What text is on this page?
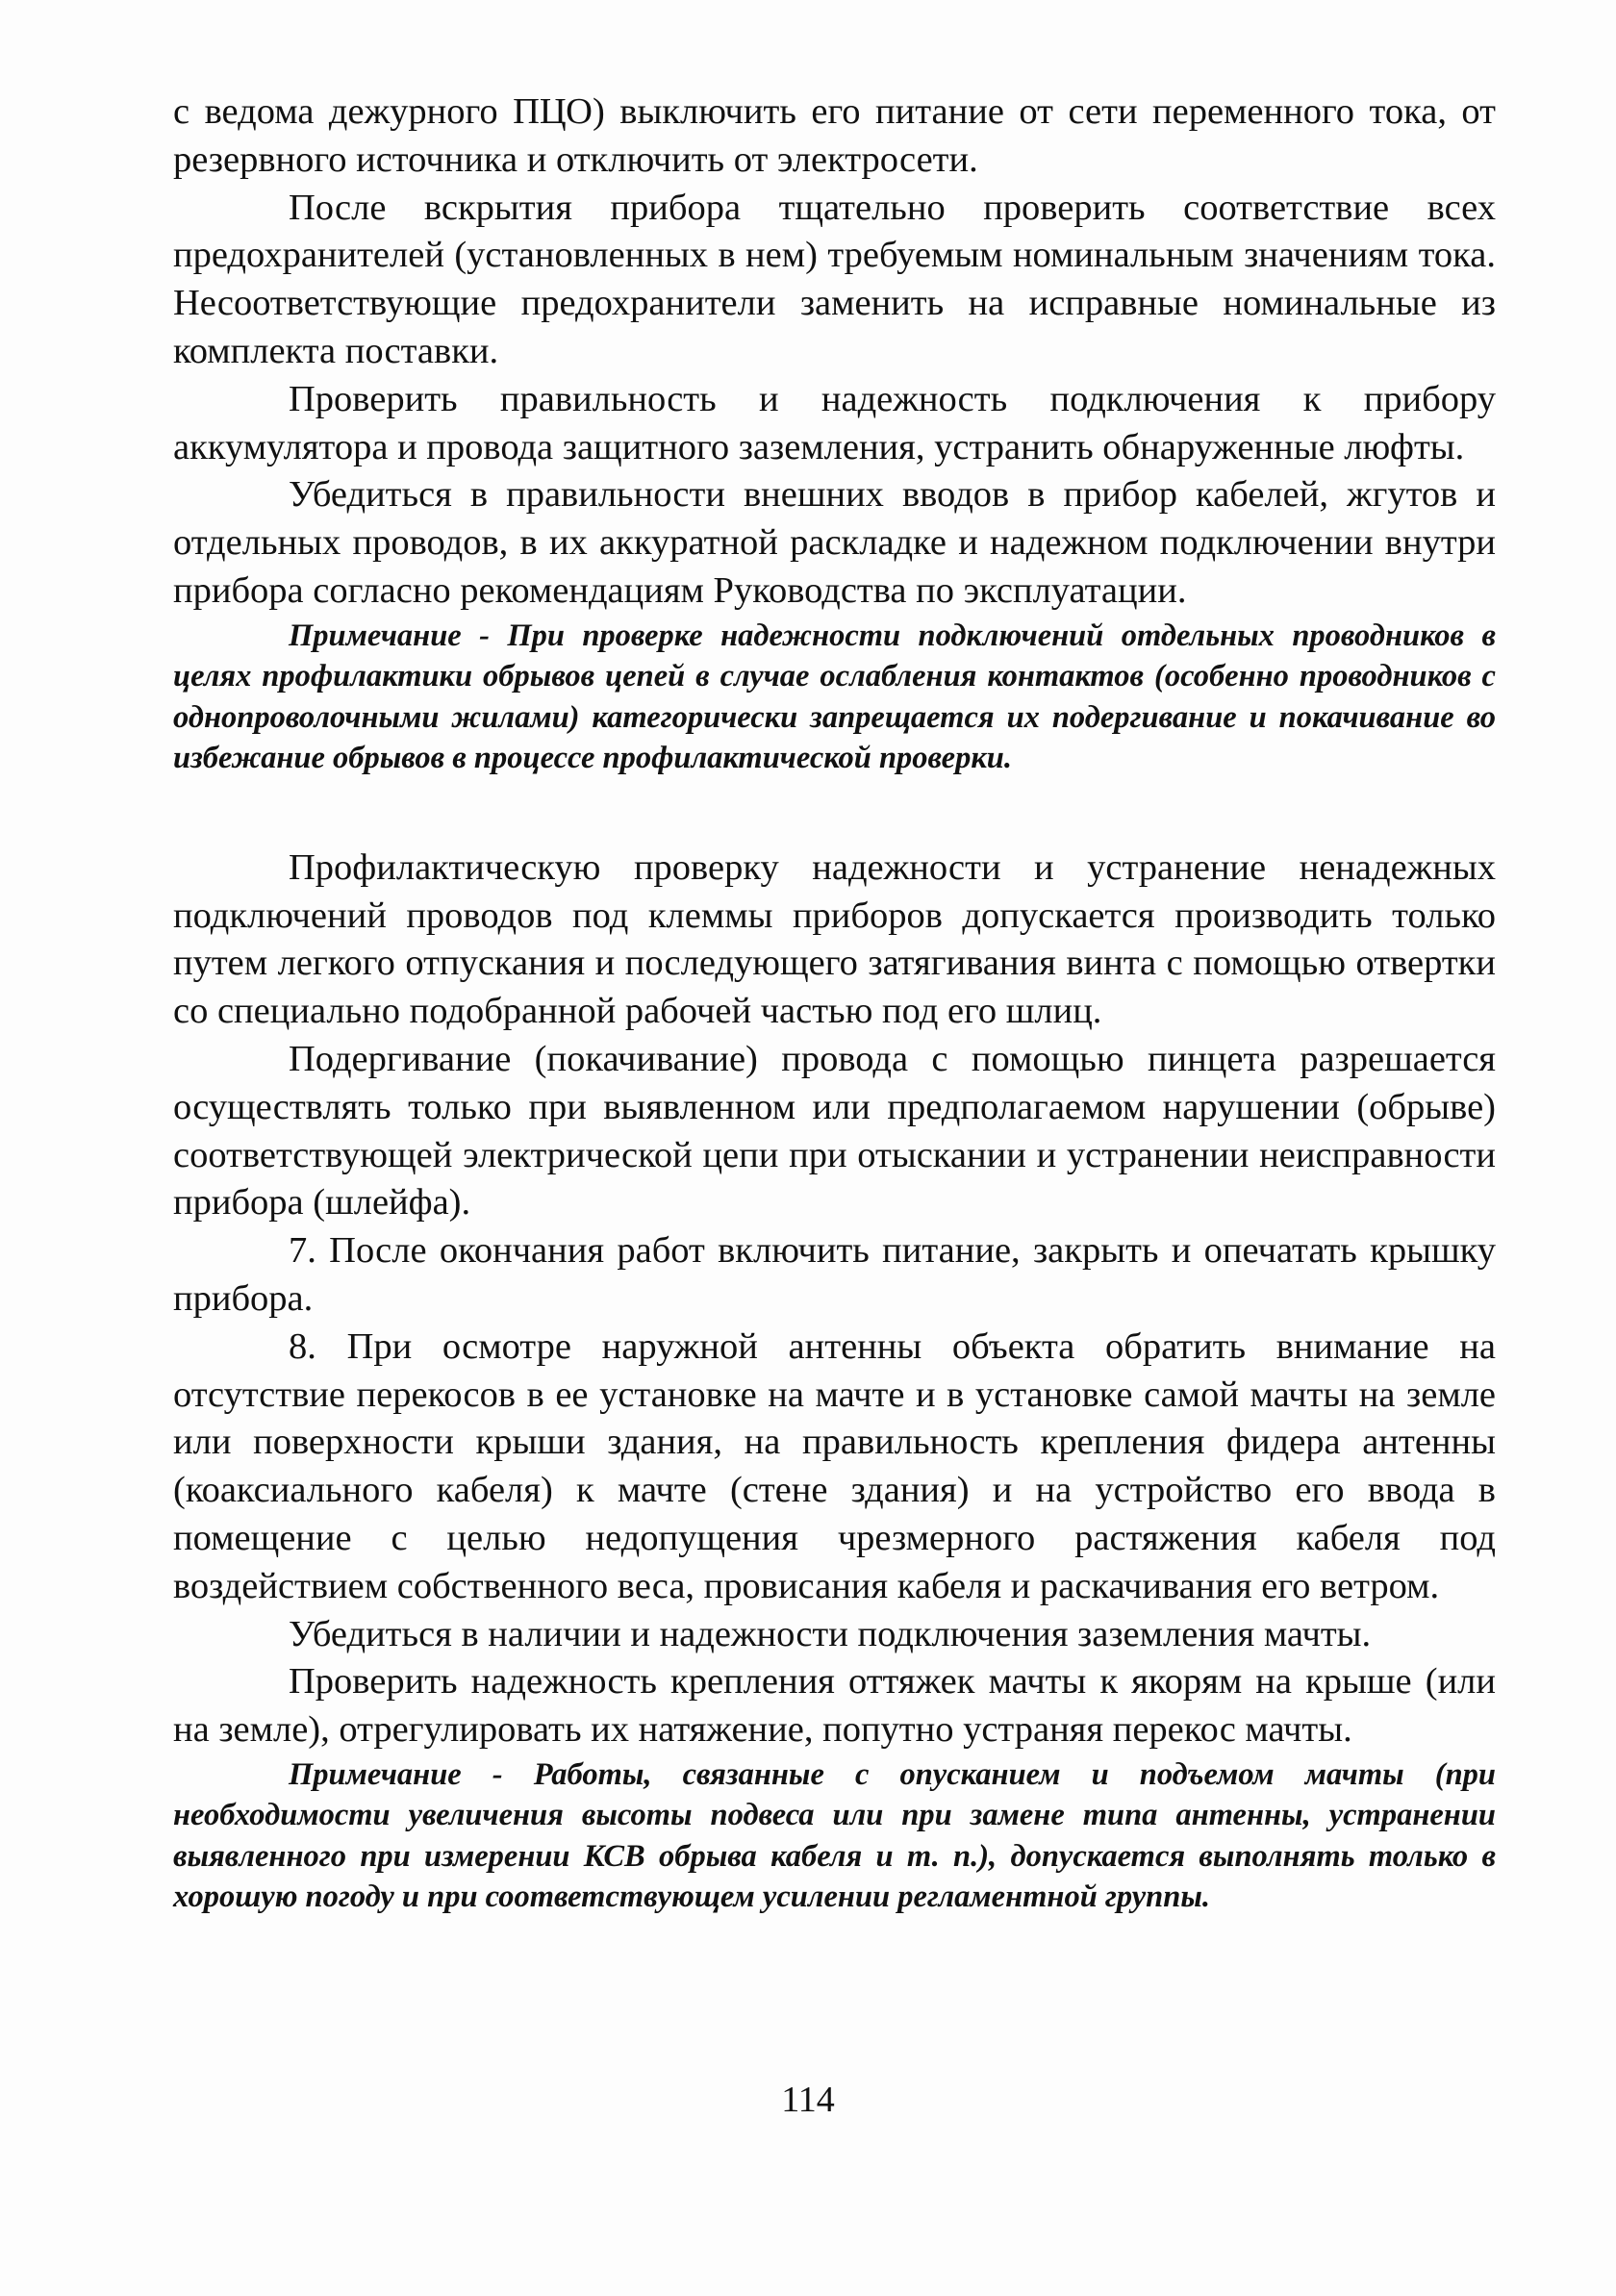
с ведома дежурного ПЦО) выключить его питание от сети переменного тока, от резервного источника и отключить от электросети.

После вскрытия прибора тщательно проверить соответствие всех предохранителей (установленных в нем) требуемым номинальным значениям тока. Несоответствующие предохранители заменить на исправные номинальные из комплекта поставки.

Проверить правильность и надежность подключения к прибору аккумулятора и провода защитного заземления, устранить обнаруженные люфты.

Убедиться в правильности внешних вводов в прибор кабелей, жгутов и отдельных проводов, в их аккуратной раскладке и надежном подключении внутри прибора согласно рекомендациям Руководства по эксплуатации.

Примечание - При проверке надежности подключений отдельных проводников в целях профилактики обрывов цепей в случае ослабления контактов (особенно проводников с однопроволочными жилами) категорически запрещается их подергивание и покачивание во избежание обрывов в процессе профилактической проверки.

Профилактическую проверку надежности и устранение ненадежных подключений проводов под клеммы приборов допускается производить только путем легкого отпускания и последующего затягивания винта с помощью отвертки со специально подобранной рабочей частью под его шлиц.

Подергивание (покачивание) провода с помощью пинцета разрешается осуществлять только при выявленном или предполагаемом нарушении (обрыве) соответствующей электрической цепи при отыскании и устранении неисправности прибора (шлейфа).

7. После окончания работ включить питание, закрыть и опечатать крышку прибора.

8. При осмотре наружной антенны объекта обратить внимание на отсутствие перекосов в ее установке на мачте и в установке самой мачты на земле или поверхности крыши здания, на правильность крепления фидера антенны (коаксиального кабеля) к мачте (стене здания) и на устройство его ввода в помещение с целью недопущения чрезмерного растяжения кабеля под воздействием собственного веса, провисания кабеля и раскачивания его ветром.

Убедиться в наличии и надежности подключения заземления мачты.

Проверить надежность крепления оттяжек мачты к якорям на крыше (или на земле), отрегулировать их натяжение, попутно устраняя перекос мачты.

Примечание - Работы, связанные с опусканием и подъемом мачты (при необходимости увеличения высоты подвеса или при замене типа антенны, устранении выявленного при измерении КСВ обрыва кабеля и т. п.), допускается выполнять только в хорошую погоду и при соответствующем усилении регламентной группы.

114
